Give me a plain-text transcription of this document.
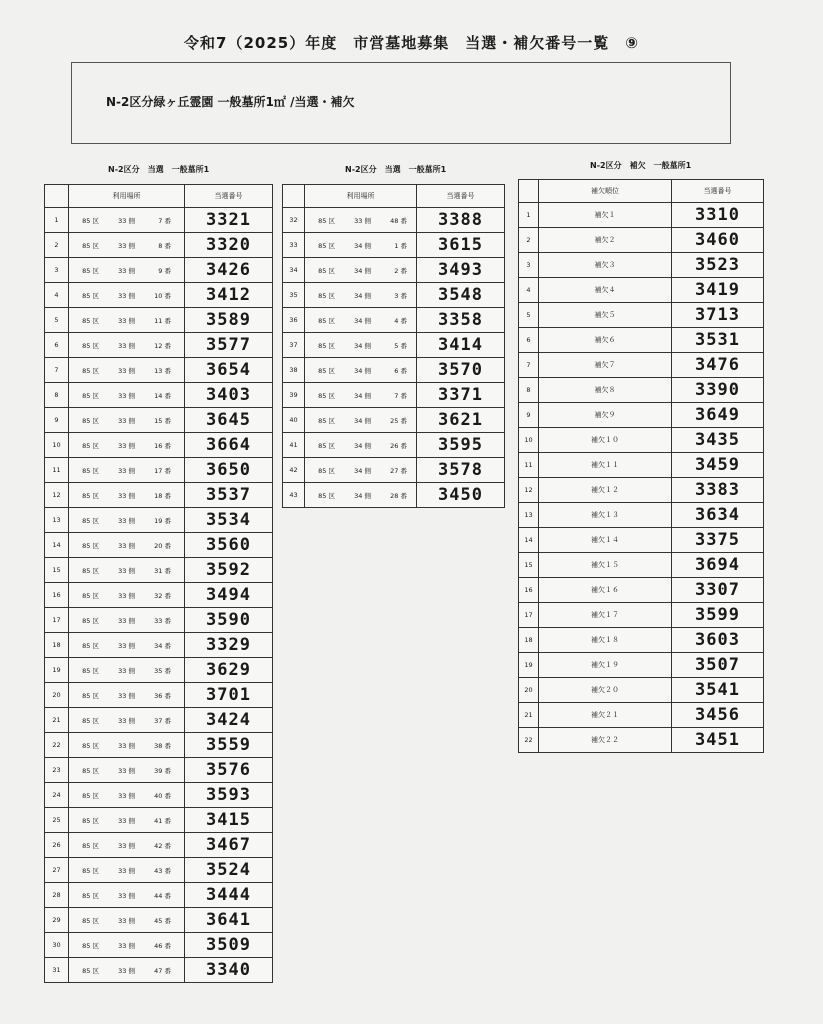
令和7（2025）年度　市営墓地募集　当選・補欠番号一覧　⑨
N-2区分緑ヶ丘霊園 一般墓所1㎡ /当選・補欠
N-2区分　当選　一般墓所1	N-2区分　当選　一般墓所1	N-2区分　補欠　一般墓所1
	利用場所	当選番号
1	85 区 33 側 7 番	3321
2	85 区 33 側 8 番	3320
3	85 区 33 側 9 番	3426
4	85 区 33 側 10 番	3412
5	85 区 33 側 11 番	3589
6	85 区 33 側 12 番	3577
7	85 区 33 側 13 番	3654
8	85 区 33 側 14 番	3403
9	85 区 33 側 15 番	3645
10	85 区 33 側 16 番	3664
11	85 区 33 側 17 番	3650
12	85 区 33 側 18 番	3537
13	85 区 33 側 19 番	3534
14	85 区 33 側 20 番	3560
15	85 区 33 側 31 番	3592
16	85 区 33 側 32 番	3494
17	85 区 33 側 33 番	3590
18	85 区 33 側 34 番	3329
19	85 区 33 側 35 番	3629
20	85 区 33 側 36 番	3701
21	85 区 33 側 37 番	3424
22	85 区 33 側 38 番	3559
23	85 区 33 側 39 番	3576
24	85 区 33 側 40 番	3593
25	85 区 33 側 41 番	3415
26	85 区 33 側 42 番	3467
27	85 区 33 側 43 番	3524
28	85 区 33 側 44 番	3444
29	85 区 33 側 45 番	3641
30	85 区 33 側 46 番	3509
31	85 区 33 側 47 番	3340
	利用場所	当選番号
32	85 区 33 側 48 番	3388
33	85 区 34 側 1 番	3615
34	85 区 34 側 2 番	3493
35	85 区 34 側 3 番	3548
36	85 区 34 側 4 番	3358
37	85 区 34 側 5 番	3414
38	85 区 34 側 6 番	3570
39	85 区 34 側 7 番	3371
40	85 区 34 側 25 番	3621
41	85 区 34 側 26 番	3595
42	85 区 34 側 27 番	3578
43	85 区 34 側 28 番	3450
	補欠順位	当選番号
1	補欠１	3310
2	補欠２	3460
3	補欠３	3523
4	補欠４	3419
5	補欠５	3713
6	補欠６	3531
7	補欠７	3476
8	補欠８	3390
9	補欠９	3649
10	補欠１０	3435
11	補欠１１	3459
12	補欠１２	3383
13	補欠１３	3634
14	補欠１４	3375
15	補欠１５	3694
16	補欠１６	3307
17	補欠１７	3599
18	補欠１８	3603
19	補欠１９	3507
20	補欠２０	3541
21	補欠２１	3456
22	補欠２２	3451
